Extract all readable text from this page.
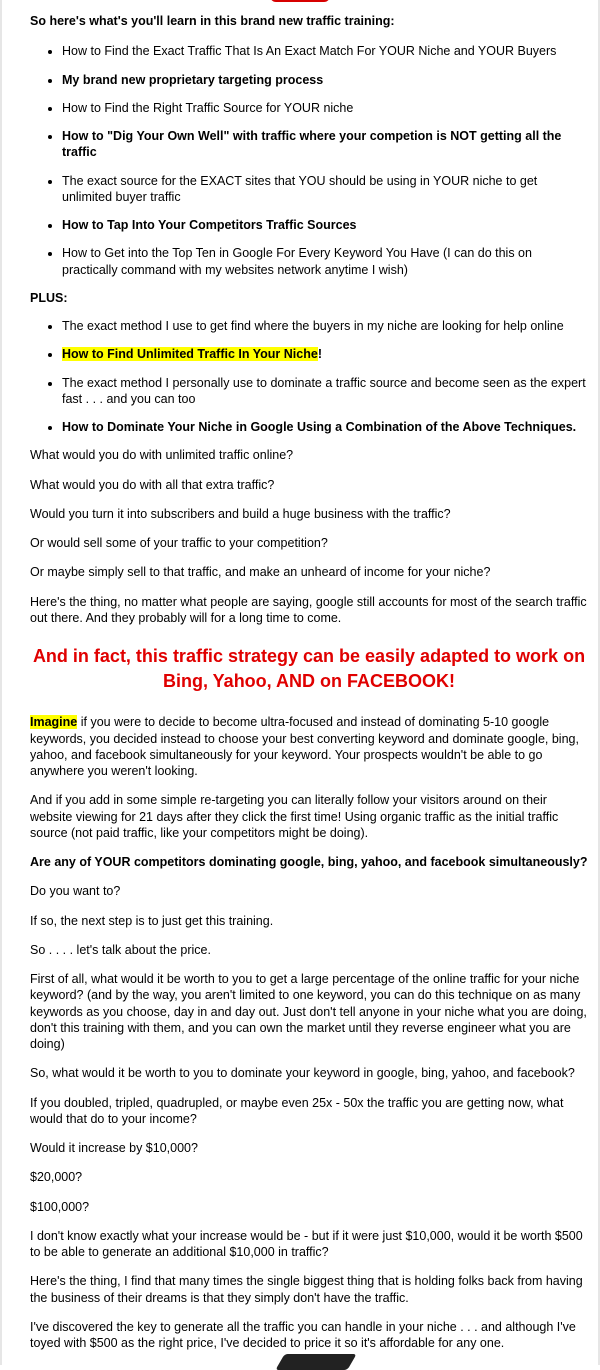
So here's what's you'll learn in this brand new traffic training:

• How to Find the Exact Traffic That Is An Exact Match For YOUR Niche and YOUR Buyers
• My brand new proprietary targeting process
• How to Find the Right Traffic Source for YOUR niche
• How to "Dig Your Own Well" with traffic where your competion is NOT getting all the traffic
• The exact source for the EXACT sites that YOU should be using in YOUR niche to get unlimited buyer traffic
• How to Tap Into Your Competitors Traffic Sources
• How to Get into the Top Ten in Google For Every Keyword You Have (I can do this on practically command with my websites network anytime I wish)

PLUS:

• The exact method I use to get find where the buyers in my niche are looking for help online
• How to Find Unlimited Traffic In Your Niche!
• The exact method I personally use to dominate a traffic source and become seen as the expert fast . . . and you can too
• How to Dominate Your Niche in Google Using a Combination of the Above Techniques.

What would you do with unlimited traffic online?

What would you do with all that extra traffic?

Would you turn it into subscribers and build a huge business with the traffic?

Or would sell some of your traffic to your competition?

Or maybe simply sell to that traffic, and make an unheard of income for your niche?

Here's the thing, no matter what people are saying, google still accounts for most of the search traffic out there. And they probably will for a long time to come.

And in fact, this traffic strategy can be easily adapted to work on Bing, Yahoo, AND on FACEBOOK!

Imagine if you were to decide to become ultra-focused and instead of dominating 5-10 google keywords, you decided instead to choose your best converting keyword and dominate google, bing, yahoo, and facebook simultaneously for your keyword. Your prospects wouldn't be able to go anywhere you weren't looking.

And if you add in some simple re-targeting you can literally follow your visitors around on their website viewing for 21 days after they click the first time! Using organic traffic as the initial traffic source (not paid traffic, like your competitors might be doing).

Are any of YOUR competitors dominating google, bing, yahoo, and facebook simultaneously?

Do you want to?

If so, the next step is to just get this training.

So . . . . let's talk about the price.

First of all, what would it be worth to you to get a large percentage of the online traffic for your niche keyword? (and by the way, you aren't limited to one keyword, you can do this technique on as many keywords as you choose, day in and day out. Just don't tell anyone in your niche what you are doing, don't this training with them, and you can own the market until they reverse engineer what you are doing)

So, what would it be worth to you to dominate your keyword in google, bing, yahoo, and facebook?

If you doubled, tripled, quadrupled, or maybe even 25x - 50x the traffic you are getting now, what would that do to your income?

Would it increase by $10,000?

$20,000?

$100,000?

I don't know exactly what your increase would be - but if it were just $10,000, would it be worth $500 to be able to generate an additional $10,000 in traffic?

Here's the thing, I find that many times the single biggest thing that is holding folks back from having the business of their dreams is that they simply don't have the traffic.

I've discovered the key to generate all the traffic you can handle in your niche . . . and although I've toyed with $500 as the right price, I've decided to price it so it's affordable for any one.
